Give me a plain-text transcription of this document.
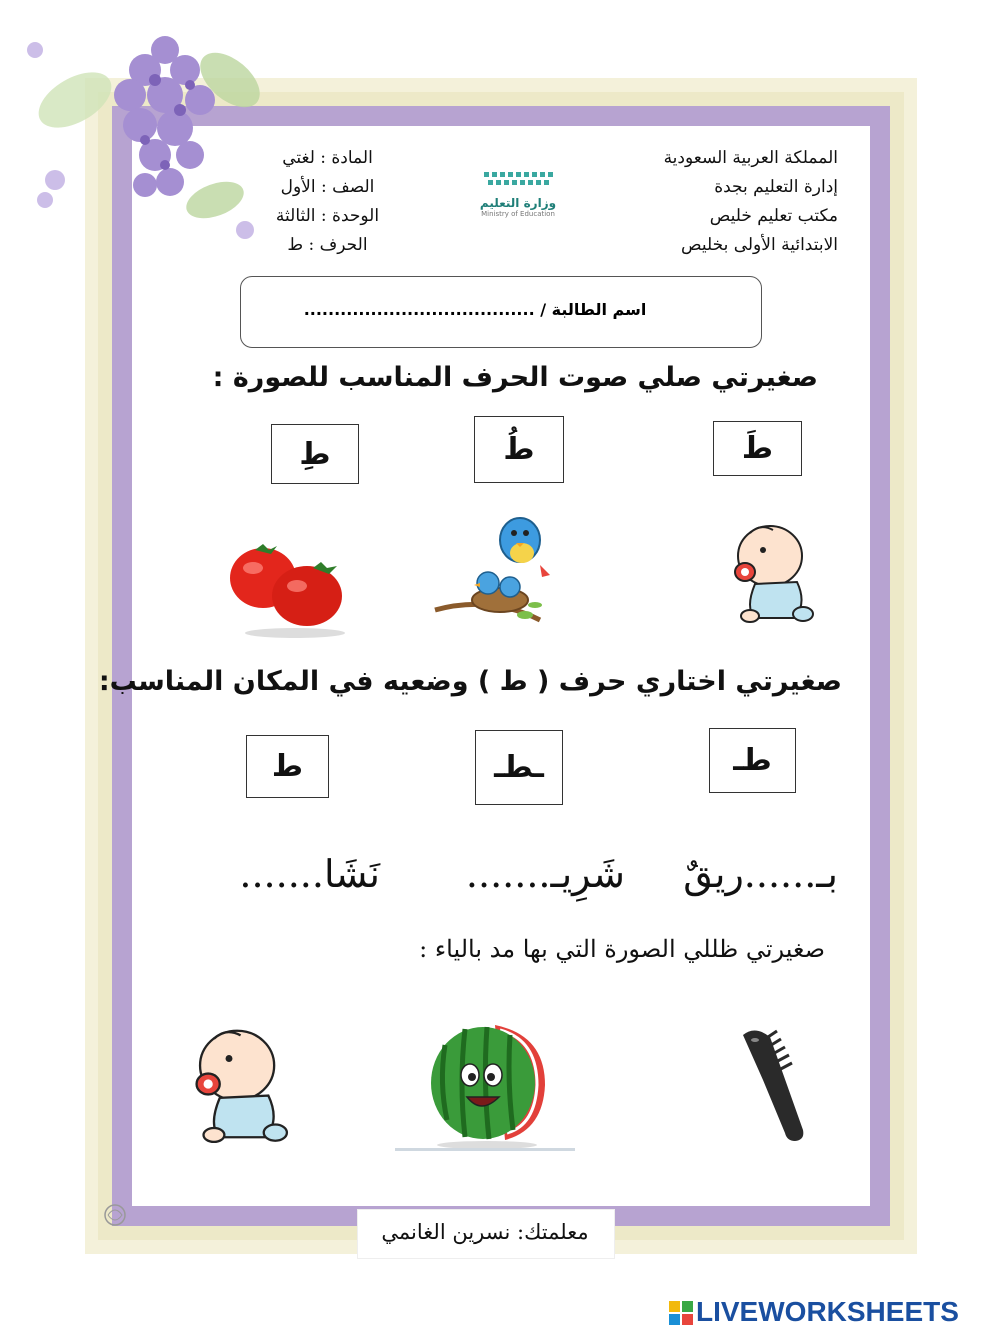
المملكة العربية السعودية
إدارة التعليم بجدة
مكتب تعليم خليص
الابتدائية الأولى بخليص
وزارة التعليم
Ministry of Education
المادة : لغتي
الصف : الأول
الوحدة : الثالثة
الحرف : ط
اسم الطالبة / ......................................
صغيرتي صلي صوت الحرف المناسب للصورة :
طَ
طُ
طِ
صغيرتي اختاري حرف ( ط ) وضعيه في المكان المناسب:
طـ
ـطـ
ط
بـ......ريقٌ
شَرِيـ.......
نَشَا.......
صغيرتي ظللي الصورة التي بها مد بالياء :
معلمتك: نسرين الغانمي
LIVEWORKSHEETS
